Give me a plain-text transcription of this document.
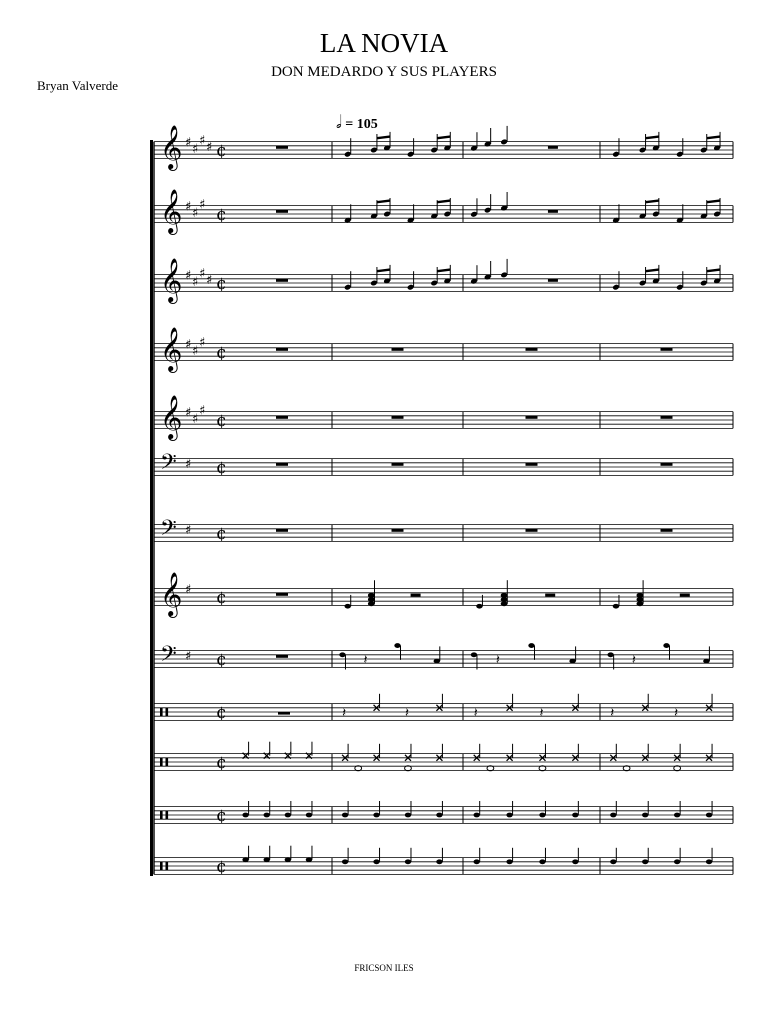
LA NOVIA
DON MEDARDO Y SUS PLAYERS
Bryan Valverde
𝅗𝅥 = 105
𝄞 ♯ ♯
♯ ♯ ¢
𝄞 ♯ ♯
♯ ¢
𝄞 ♯ ♯
♯ ♯ ¢
𝄞 ♯ ♯
♯ ¢
𝄞 ♯ ♯
♯ ¢
𝄢 ♯ ¢
𝄢 ♯ ¢
𝄞 ♯ ¢
𝄢 ♯ ¢	𝄽	𝄽	𝄽
¢	𝄽	𝄽	𝄽	𝄽	𝄽	𝄽
¢
¢
¢
FRICSON ILES
